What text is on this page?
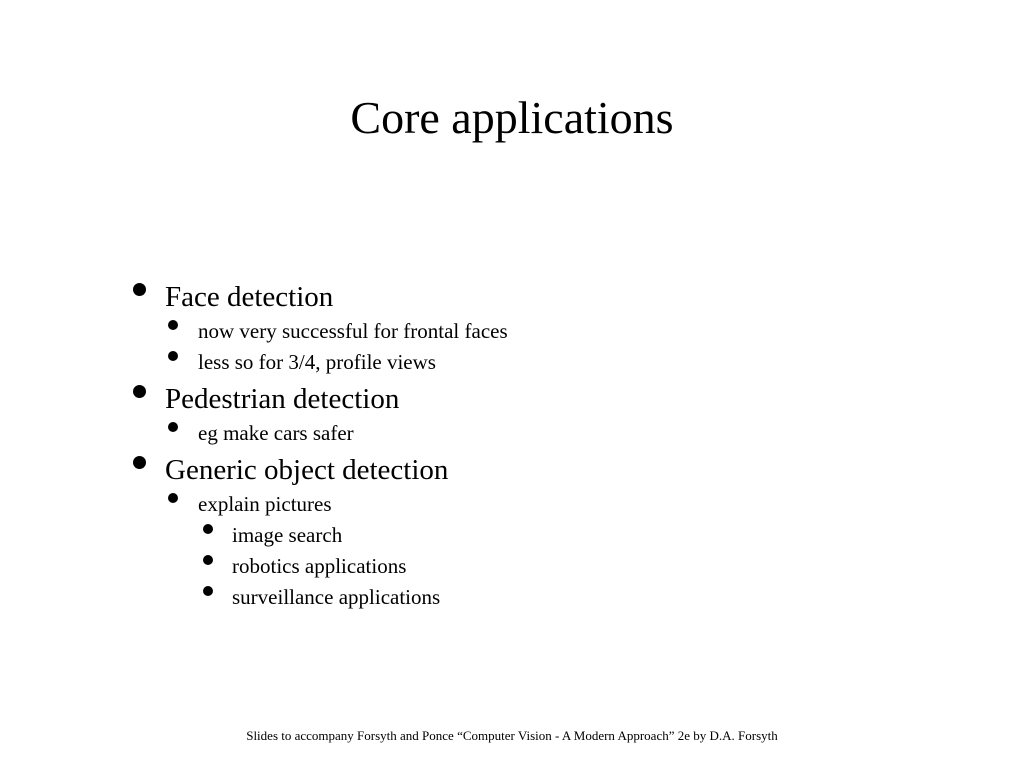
Core applications
Face detection
now very successful for frontal faces
less so for 3/4, profile views
Pedestrian detection
eg make cars safer
Generic object detection
explain pictures
image search
robotics applications
surveillance applications
Slides to accompany Forsyth and Ponce “Computer Vision - A Modern Approach” 2e by D.A. Forsyth
